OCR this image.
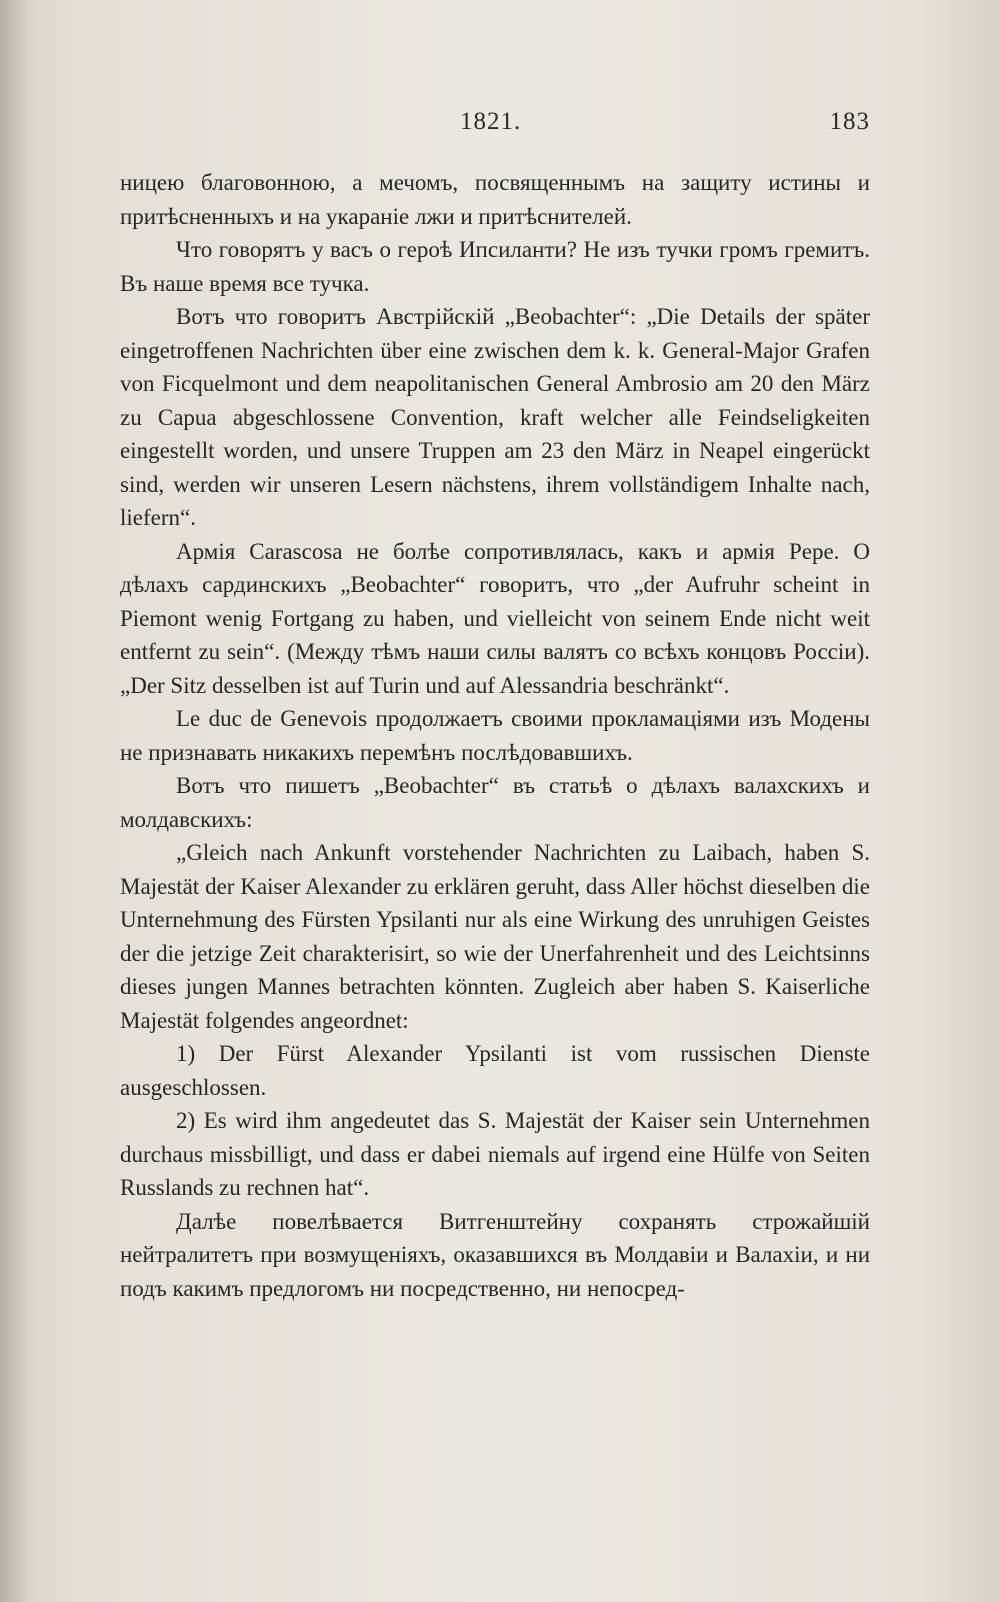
1821.	183

ницею благовонною, а мечомъ, посвященнымъ на защиту истины и притѣсненныхъ и на укараніе лжи и притѣснителей.

Что говорятъ у васъ о героѣ Ипсиланти? Не изъ тучки громъ гремитъ. Въ наше время все тучка.

Вотъ что говоритъ Австрійскій „Beobachter“: „Die Details der später eingetroffenen Nachrichten über eine zwischen dem k. k. General-Major Grafen von Ficquelmont und dem neapolitanischen General Ambrosio am 20 den März zu Capua abgeschlossene Convention, kraft welcher alle Feindseligkeiten eingestellt worden, und unsere Truppen am 23 den März in Neapel eingerückt sind, werden wir unseren Lesern nächstens, ihrem vollständigem Inhalte nach, liefern“.

Армія Carascosa не болѣе сопротивлялась, какъ и армія Pepe. О дѣлахъ сардинскихъ „Beobachter“ говоритъ, что „der Aufruhr scheint in Piemont wenig Fortgang zu haben, und vielleicht von seinem Ende nicht weit entfernt zu sein“. (Между тѣмъ наши силы валятъ со всѣхъ концовъ Россіи). „Der Sitz desselben ist auf Turin und auf Alessandria beschränkt“.

Le duc de Genevois продолжаетъ своими прокламаціями изъ Модены не признавать никакихъ перемѣнъ послѣдовавшихъ.

Вотъ что пишетъ „Beobachter“ въ статьѣ о дѣлахъ валахскихъ и молдавскихъ:

„Gleich nach Ankunft vorstehender Nachrichten zu Laibach, haben S. Majestät der Kaiser Alexander zu erklären geruht, dass Aller höchst dieselben die Unternehmung des Fürsten Ypsilanti nur als eine Wirkung des unruhigen Geistes der die jetzige Zeit charakterisirt, so wie der Unerfahrenheit und des Leichtsinns dieses jungen Mannes betrachten könnten. Zugleich aber haben S. Kaiserliche Majestät folgendes angeordnet:

1) Der Fürst Alexander Ypsilanti ist vom russischen Dienste ausgeschlossen.

2) Es wird ihm angedeutet das S. Majestät der Kaiser sein Unternehmen durchaus missbilligt, und dass er dabei niemals auf irgend eine Hülfe von Seiten Russlands zu rechnen hat“.

Далѣе повелѣвается Витгенштейну сохранять строжайшій нейтралитетъ при возмущеніяхъ, оказавшихся въ Молдавіи и Валахіи, и ни подъ какимъ предлогомъ ни посредственно, ни непосред-
